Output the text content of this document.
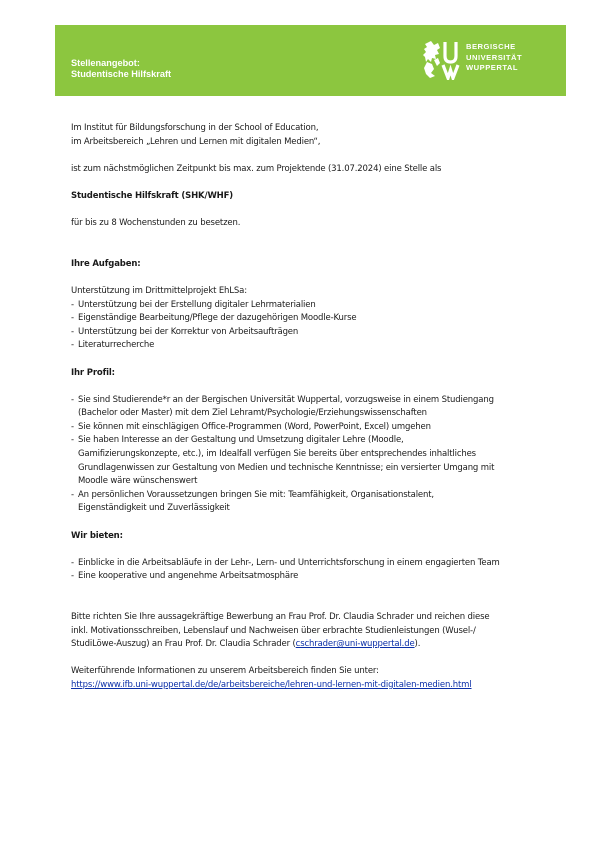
Stellenangebot:
Studentische Hilfskraft
BERGISCHE
UNIVERSITÄT
WUPPERTAL

Im Institut für Bildungsforschung in der School of Education,

im Arbeitsbereich „Lehren und Lernen mit digitalen Medien“,

ist zum nächstmöglichen Zeitpunkt bis max. zum Projektende (31.07.2024) eine Stelle als

Studentische Hilfskraft (SHK/WHF)

für bis zu 8 Wochenstunden zu besetzen.

Ihre Aufgaben:

Unterstützung im Drittmittelprojekt EhLSa:

- Unterstützung bei der Erstellung digitaler Lehrmaterialien
- Eigenständige Bearbeitung/Pflege der dazugehörigen Moodle-Kurse
- Unterstützung bei der Korrektur von Arbeitsaufträgen
- Literaturrecherche

Ihr Profil:

- Sie sind Studierende*r an der Bergischen Universität Wuppertal, vorzugsweise in einem Studiengang
(Bachelor oder Master) mit dem Ziel Lehramt/Psychologie/Erziehungswissenschaften
- Sie können mit einschlägigen Office-Programmen (Word, PowerPoint, Excel) umgehen
- Sie haben Interesse an der Gestaltung und Umsetzung digitaler Lehre (Moodle,
Gamifizierungskonzepte, etc.), im Idealfall verfügen Sie bereits über entsprechendes inhaltliches
Grundlagenwissen zur Gestaltung von Medien und technische Kenntnisse; ein versierter Umgang mit
Moodle wäre wünschenswert
- An persönlichen Voraussetzungen bringen Sie mit: Teamfähigkeit, Organisationstalent,
Eigenständigkeit und Zuverlässigkeit

Wir bieten:

- Einblicke in die Arbeitsabläufe in der Lehr-, Lern- und Unterrichtsforschung in einem engagierten Team
- Eine kooperative und angenehme Arbeitsatmosphäre

Bitte richten Sie Ihre aussagekräftige Bewerbung an Frau Prof. Dr. Claudia Schrader und reichen diese

inkl. Motivationsschreiben, Lebenslauf und Nachweisen über erbrachte Studienleistungen (Wusel-/

StudiLöwe-Auszug) an Frau Prof. Dr. Claudia Schrader (cschrader@uni-wuppertal.de).

Weiterführende Informationen zu unserem Arbeitsbereich finden Sie unter:

https://www.ifb.uni-wuppertal.de/de/arbeitsbereiche/lehren-und-lernen-mit-digitalen-medien.html
